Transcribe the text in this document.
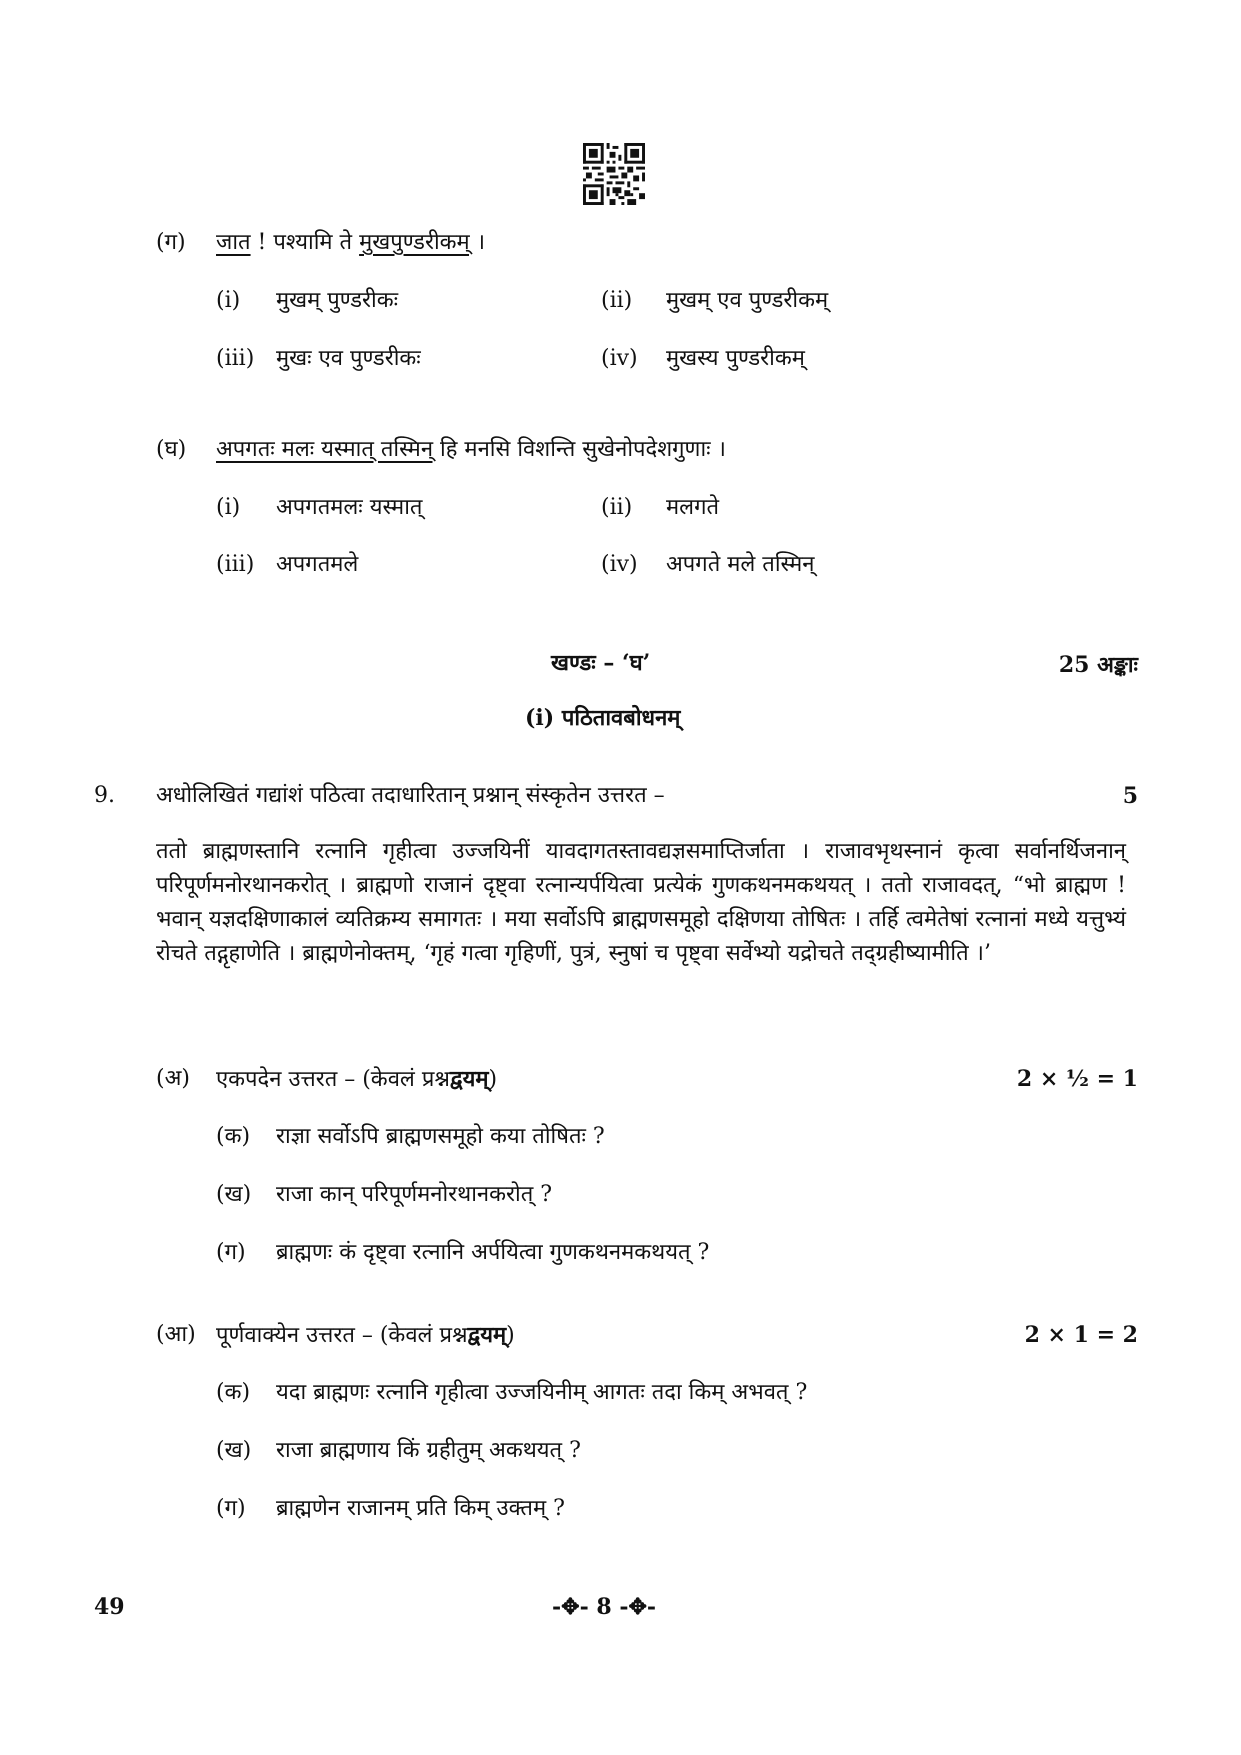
(ग) जात ! पश्यामि ते मुखपुण्डरीकम् ।
(i) मुखम् पुण्डरीकः	(ii) मुखम् एव पुण्डरीकम्
(iii) मुखः एव पुण्डरीकः	(iv) मुखस्य पुण्डरीकम्
(घ) अपगतः मलः यस्मात् तस्मिन् हि मनसि विशन्ति सुखेनोपदेशगुणाः ।
(i) अपगतमलः यस्मात्	(ii) मलगते
(iii) अपगतमले	(iv) अपगते मले तस्मिन्
खण्डः – ‘घ’	25 अङ्काः
(i) पठितावबोधनम्
9. अधोलिखितं गद्यांशं पठित्वा तदाधारितान् प्रश्नान् संस्कृतेन उत्तरत –	5
ततो ब्राह्मणस्तानि रत्नानि गृहीत्वा उज्जयिनीं यावदागतस्तावद्यज्ञसमाप्तिर्जाता । राजावभृथस्नानं कृत्वा सर्वानर्थिजनान् परिपूर्णमनोरथानकरोत् । ब्राह्मणो राजानं दृष्ट्वा रत्नान्यर्पयित्वा प्रत्येकं गुणकथनमकथयत् । ततो राजावदत्, “भो ब्राह्मण ! भवान् यज्ञदक्षिणाकालं व्यतिक्रम्य समागतः । मया सर्वोऽपि ब्राह्मणसमूहो दक्षिणया तोषितः । तर्हि त्वमेतेषां रत्नानां मध्ये यत्तुभ्यं रोचते तद्गृहाणेति । ब्राह्मणेनोक्तम्, ‘गृहं गत्वा गृहिणीं, पुत्रं, स्नुषां च पृष्ट्वा सर्वेभ्यो यद्रोचते तद्ग्रहीष्यामीति ।’
(अ) एकपदेन उत्तरत – (केवलं प्रश्नद्वयम्)	2 × ½ = 1
(क) राज्ञा सर्वोऽपि ब्राह्मणसमूहो कया तोषितः ?
(ख) राजा कान् परिपूर्णमनोरथानकरोत् ?
(ग) ब्राह्मणः कं दृष्ट्वा रत्नानि अर्पयित्वा गुणकथनमकथयत् ?
(आ) पूर्णवाक्येन उत्तरत – (केवलं प्रश्नद्वयम्)	2 × 1 = 2
(क) यदा ब्राह्मणः रत्नानि गृहीत्वा उज्जयिनीम् आगतः तदा किम् अभवत् ?
(ख) राजा ब्राह्मणाय किं ग्रहीतुम् अकथयत् ?
(ग) ब्राह्मणेन राजानम् प्रति किम् उक्तम् ?
49	-✥- 8 -✥-
